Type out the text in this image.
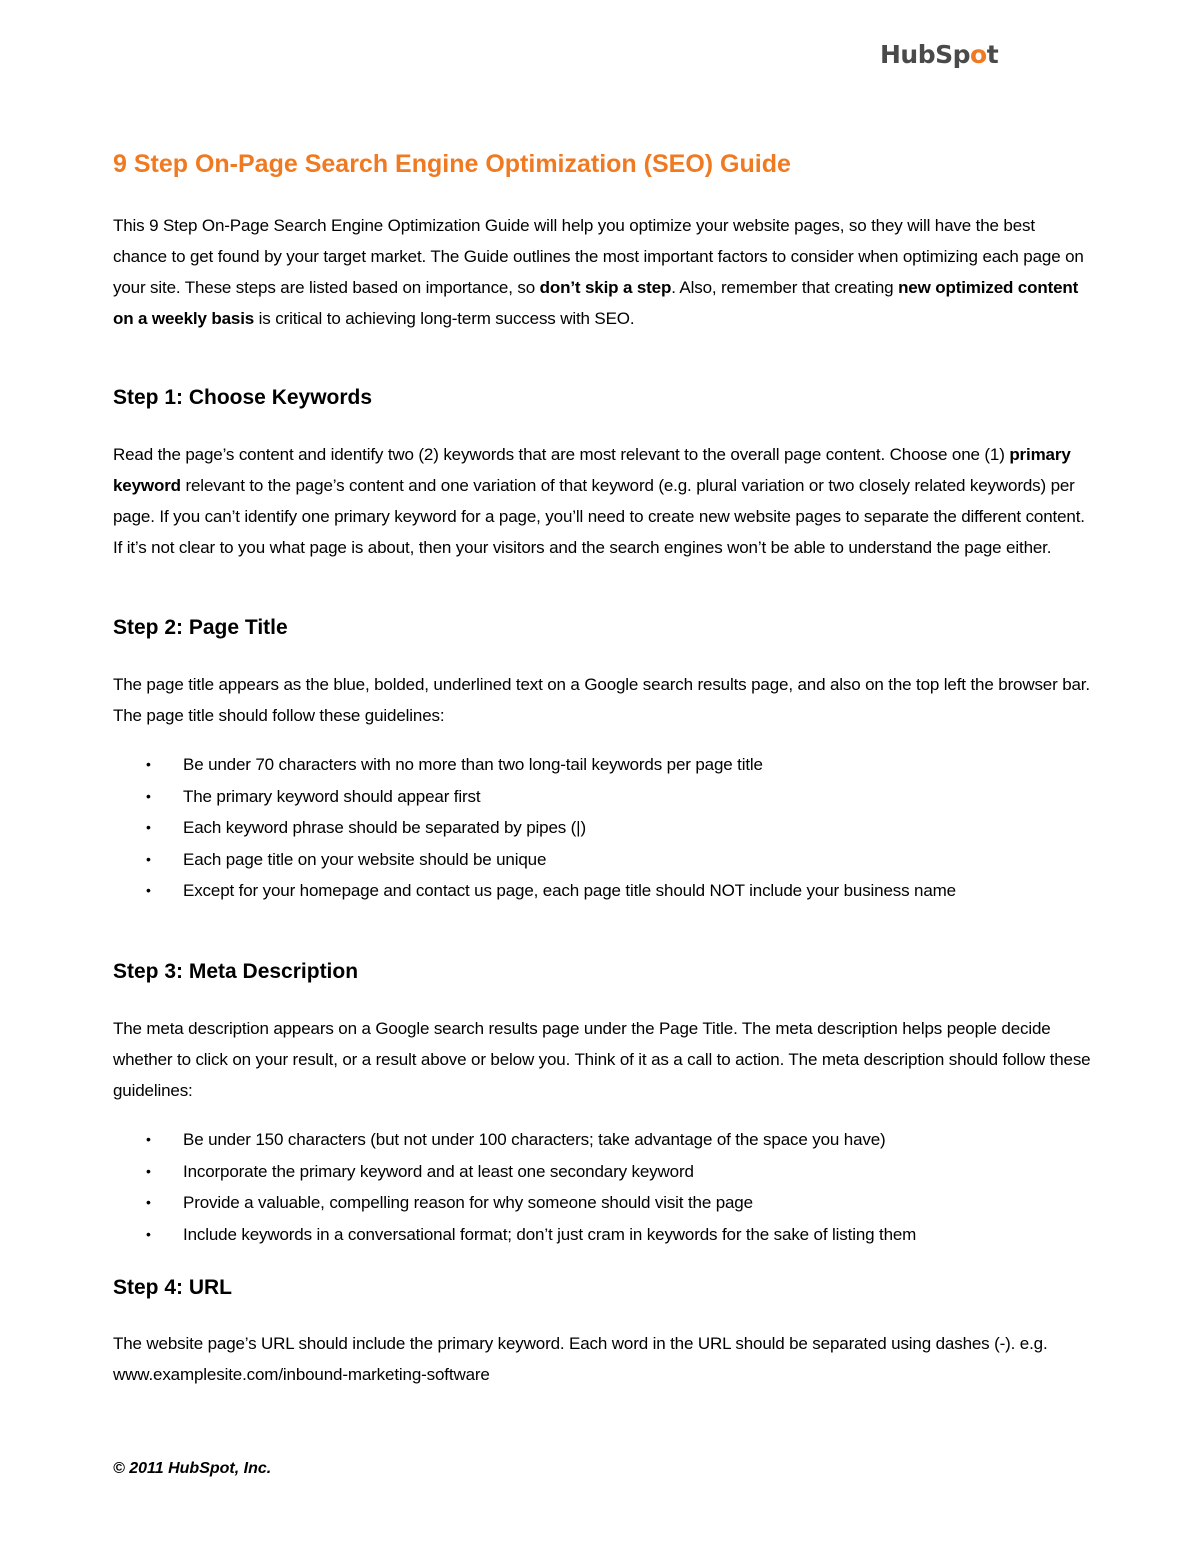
HubSpot
9 Step On-Page Search Engine Optimization (SEO) Guide

This 9 Step On-Page Search Engine Optimization Guide will help you optimize your website pages, so they will have the best chance to get found by your target market. The Guide outlines the most important factors to consider when optimizing each page on your site. These steps are listed based on importance, so don’t skip a step. Also, remember that creating new optimized content on a weekly basis is critical to achieving long-term success with SEO.

Step 1: Choose Keywords

Read the page’s content and identify two (2) keywords that are most relevant to the overall page content. Choose one (1) primary keyword relevant to the page’s content and one variation of that keyword (e.g. plural variation or two closely related keywords) per page. If you can’t identify one primary keyword for a page, you’ll need to create new website pages to separate the different content. If it’s not clear to you what page is about, then your visitors and the search engines won’t be able to understand the page either.

Step 2: Page Title

The page title appears as the blue, bolded, underlined text on a Google search results page, and also on the top left the browser bar. The page title should follow these guidelines:

• Be under 70 characters with no more than two long-tail keywords per page title
• The primary keyword should appear first
• Each keyword phrase should be separated by pipes (|)
• Each page title on your website should be unique
• Except for your homepage and contact us page, each page title should NOT include your business name
Step 3: Meta Description

The meta description appears on a Google search results page under the Page Title. The meta description helps people decide whether to click on your result, or a result above or below you. Think of it as a call to action. The meta description should follow these guidelines:

• Be under 150 characters (but not under 100 characters; take advantage of the space you have)
• Incorporate the primary keyword and at least one secondary keyword
• Provide a valuable, compelling reason for why someone should visit the page
• Include keywords in a conversational format; don’t just cram in keywords for the sake of listing them
Step 4: URL

The website page’s URL should include the primary keyword. Each word in the URL should be separated using dashes (-). e.g. www.examplesite.com/inbound-marketing-software

© 2011 HubSpot, Inc.
